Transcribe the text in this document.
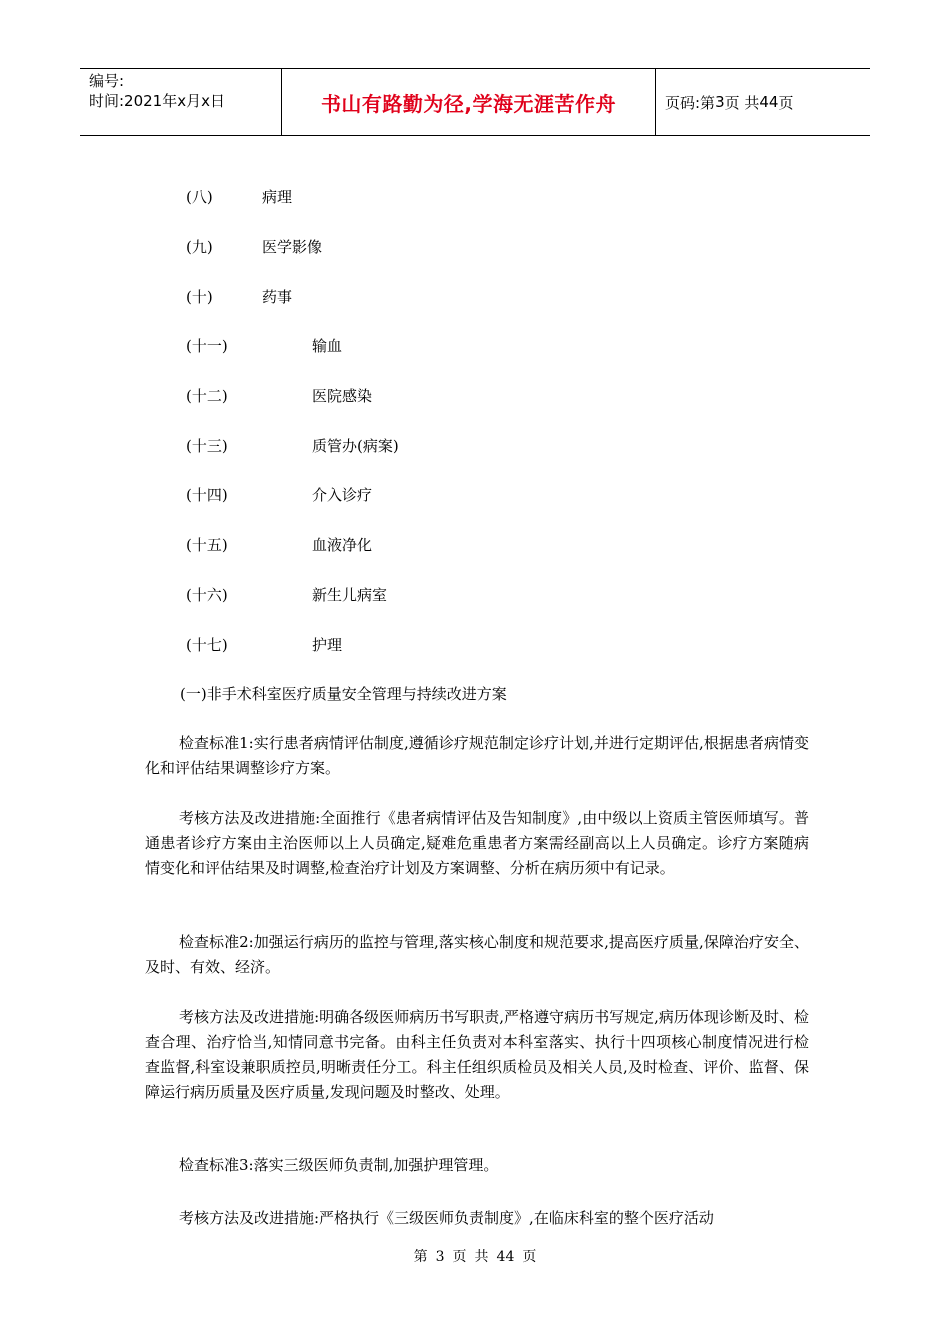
编号:
时间:2021年x月x日	书山有路勤为径,学海无涯苦作舟	页码:第 3 页 共 44 页
(八)	病理
(九)	医学影像
(十)	药事
(十一)	输血
(十二)	医院感染
(十三)	质管办(病案)
(十四)	介入诊疗
(十五)	血液净化
(十六)	新生儿病室
(十七)	护理
(一)非手术科室医疗质量安全管理与持续改进方案

检查标准1:实行患者病情评估制度,遵循诊疗规范制定诊疗计划,并进行定期评估,根据患者病情变化和评估结果调整诊疗方案。

考核方法及改进措施:全面推行《患者病情评估及告知制度》,由中级以上资质主管医师填写。普通患者诊疗方案由主治医师以上人员确定,疑难危重患者方案需经副高以上人员确定。诊疗方案随病情变化和评估结果及时调整,检查治疗计划及方案调整、分析在病历须中有记录。

检查标准2:加强运行病历的监控与管理,落实核心制度和规范要求,提高医疗质量,保障治疗安全、及时、有效、经济。

考核方法及改进措施:明确各级医师病历书写职责,严格遵守病历书写规定,病历体现诊断及时、检查合理、治疗恰当,知情同意书完备。由科主任负责对本科室落实、执行十四项核心制度情况进行检查监督,科室设兼职质控员,明晰责任分工。科主任组织质检员及相关人员,及时检查、评价、监督、保障运行病历质量及医疗质量,发现问题及时整改、处理。

检查标准3:落实三级医师负责制,加强护理管理。

考核方法及改进措施:严格执行《三级医师负责制度》,在临床科室的整个医疗活动

第 3 页 共 44 页
